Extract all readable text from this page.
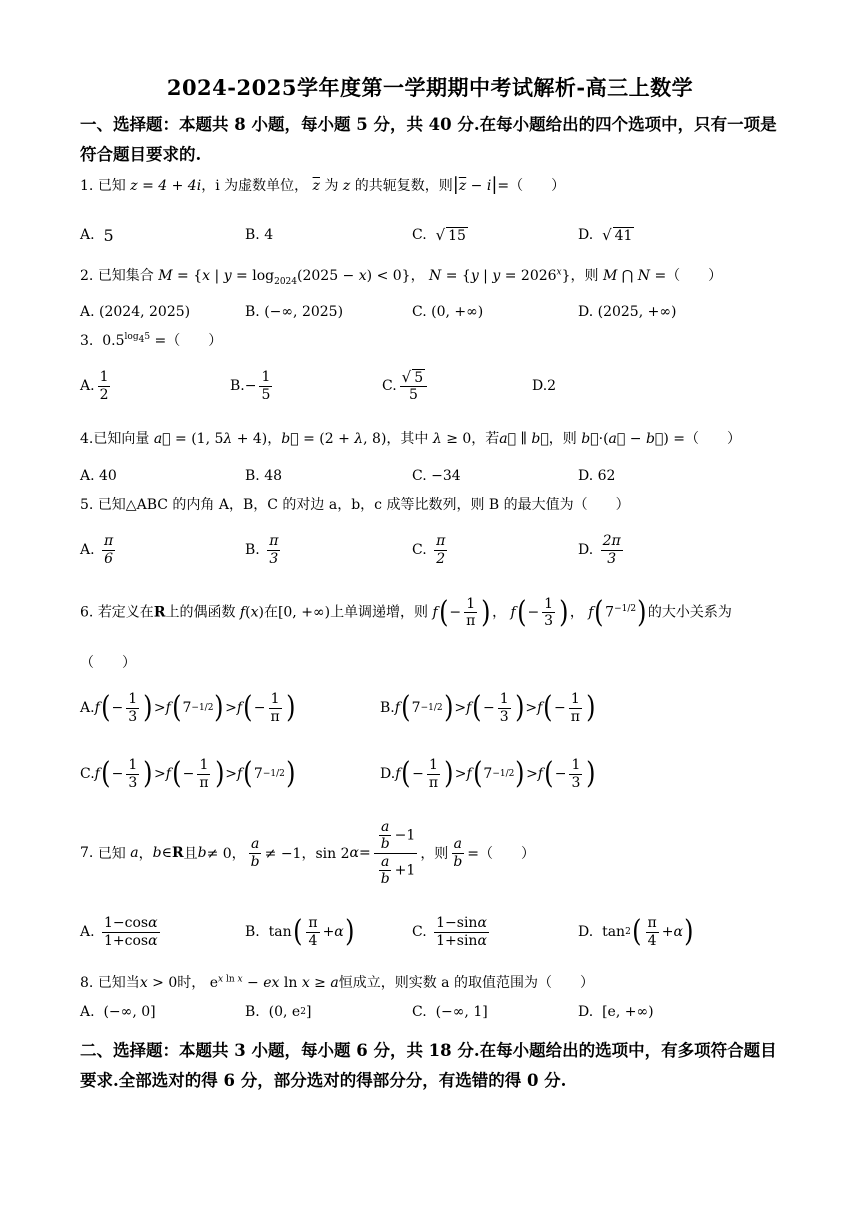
2024-2025学年度第一学期期中考试解析-高三上数学
一、选择题：本题共 8 小题，每小题 5 分，共 40 分.在每小题给出的四个选项中，只有一项是
符合题目要求的.
1. 已知 z = 4 + 4i，i 为虚数单位， $\overline{z}$ 为 z 的共轭复数，则$|\overline{z} - i|=$（　　）
A. 5	B. 4	C. √ 15	D. √ 41
2. 已知集合 M = {x | $y = \log_{2024}(2025 - x) < 0$}， N = {y | $y = 2026^x$}，则 M ⋂ N =（　　）
A. (2024, 2025)	B. (−∞, 2025)	C. (0, +∞)	D. (2025, +∞)
3.  $0.5^{log_45}$ =（　　）
A. $\frac{1}{2}$	B. − $\frac{1}{5}$	C. $\frac{√ 5}{5}$	D.2
4.已知向量 a⃗ = (1, 5λ + 4)，b⃗ = (2 + λ, 8)，其中 λ ≥ 0，若a⃗ ∥ b⃗，则 b⃗·(a⃗ − b⃗) =（　　）
A. 40	B. 48	C. −34	D. 62
5. 已知△ABC 的内角 A，B，C 的对边 a，b，c 成等比数列，则 B 的最大值为（　　）
A.
$\frac{\pi}{6}$	B.
$\frac{\pi}{3}$	C.
$\frac{\pi}{2}$	D.
$\frac{2\pi}{3}$
6. 若定义在R上的偶函数 f(x)在[0, +∞)上单调递增，则 $f(- \frac{1}{\pi}$ )， $f(- \frac{1}{3}$ )， $f(7^{-1/2})$的大小关系为
（　　）
A. f ( − $\frac{1}{3}$ ) > f ( 7 −1/2 ) > f ( − $\frac{1}{\pi}$ )	B. f ( 7 −1/2 ) > f ( − $\frac{1}{3}$ ) > f ( − $\frac{1}{\pi}$ )
C. f ( − $\frac{1}{3}$ ) > f ( − $\frac{1}{\pi}$ ) > f ( 7 −1/2 )	D. f ( − $\frac{1}{\pi}$ ) > f ( 7 −1/2 ) > f ( − $\frac{1}{3}$ )
7.
已知
a ， b ∈ R 且 b ≠ 0， $\frac{a}{b} \ne -1$，sin 2 $\alpha = \frac{\frac{a}{b} -1}{\frac{a}{b} +1}$ ，则 $\frac{a}{b}$ =（　　）
A.
$\frac{1-\cos\alpha}{1+\cos\alpha}$	B. tan ( $\frac{\pi}{4} + \alpha$ )	C.
$\frac{1-\sin\alpha}{1+\sin\alpha}$	D. tan 2 ( $\frac{\pi}{4} + \alpha$ )
8. 已知当x > 0时， $e^{x ln x}$ − ex ln x ≥ a恒成立，则实数 a 的取值范围为（　　）
A. (−∞, 0]	B. (0, e 2 ]	C. (−∞, 1]	D. [e, +∞)
二、选择题：本题共 3 小题，每小题 6 分，共 18 分.在每小题给出的选项中，有多项符合题目
要求.全部选对的得 6 分，部分选对的得部分分，有选错的得 0 分.
